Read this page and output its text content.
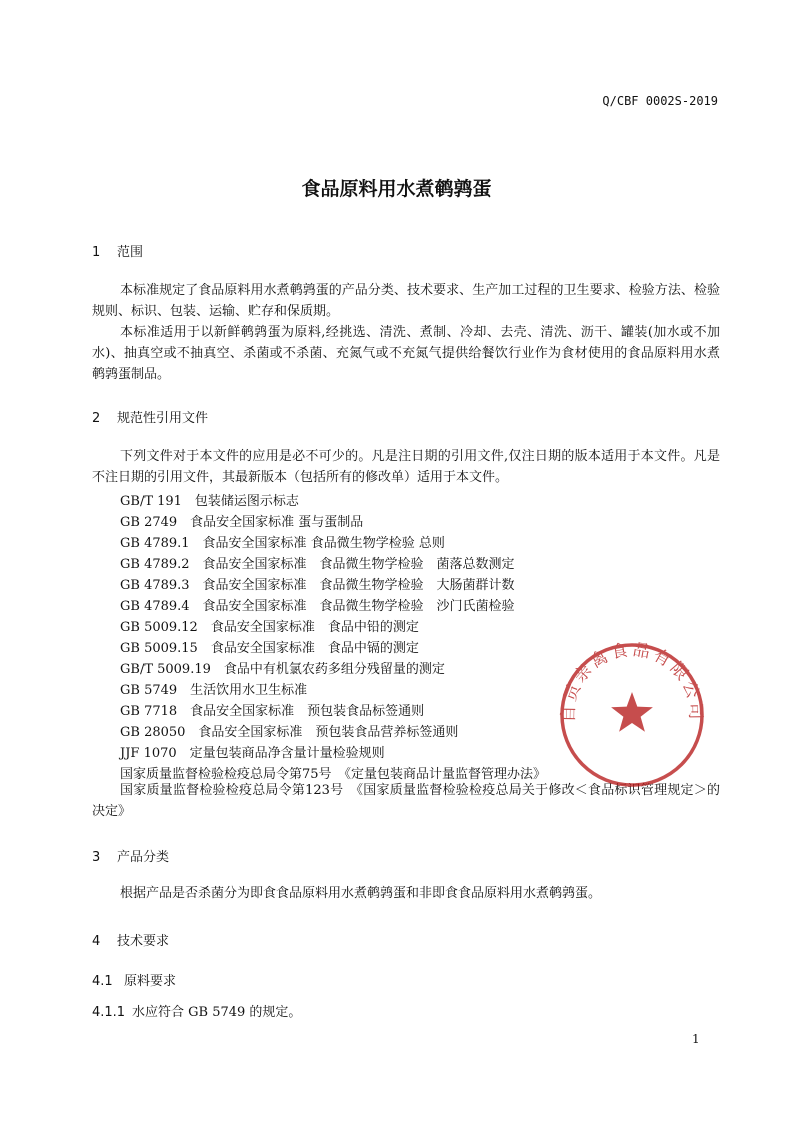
Q/CBF 0002S-2019
食品原料用水煮鹌鹑蛋
1 范围
本标准规定了食品原料用水煮鹌鹑蛋的产品分类、技术要求、生产加工过程的卫生要求、检验方法、检验规则、标识、包装、运输、贮存和保质期。
本标准适用于以新鲜鹌鹑蛋为原料,经挑选、清洗、煮制、冷却、去壳、清洗、沥干、罐装(加水或不加水)、抽真空或不抽真空、杀菌或不杀菌、充氮气或不充氮气提供给餐饮行业作为食材使用的食品原料用水煮鹌鹑蛋制品。
2 规范性引用文件
下列文件对于本文件的应用是必不可少的。凡是注日期的引用文件,仅注日期的版本适用于本文件。凡是不注日期的引用文件，其最新版本（包括所有的修改单）适用于本文件。
GB/T 191　包装储运图示标志
GB 2749　食品安全国家标准 蛋与蛋制品
GB 4789.1　食品安全国家标准 食品微生物学检验 总则
GB 4789.2　食品安全国家标准　食品微生物学检验　菌落总数测定
GB 4789.3　食品安全国家标准　食品微生物学检验　大肠菌群计数
GB 4789.4　食品安全国家标准　食品微生物学检验　沙门氏菌检验
GB 5009.12　食品安全国家标准　食品中铅的测定
GB 5009.15　食品安全国家标准　食品中镉的测定
GB/T 5009.19　食品中有机氯农药多组分残留量的测定
GB 5749　生活饮用水卫生标准
GB 7718　食品安全国家标准　预包装食品标签通则
GB 28050　食品安全国家标准　预包装食品营养标签通则
JJF 1070　定量包装商品净含量计量检验规则
国家质量监督检验检疫总局令第75号　《定量包装商品计量监督管理办法》
国家质量监督检验检疫总局令第123号　《国家质量监督检验检疫总局关于修改＜食品标识管理规定＞的决定》
3 产品分类
根据产品是否杀菌分为即食食品原料用水煮鹌鹑蛋和非即食食品原料用水煮鹌鹑蛋。
4 技术要求
4.1 原料要求
4.1.1 水应符合 GB 5749 的规定。
1
自贡亲禽食品有限公司
